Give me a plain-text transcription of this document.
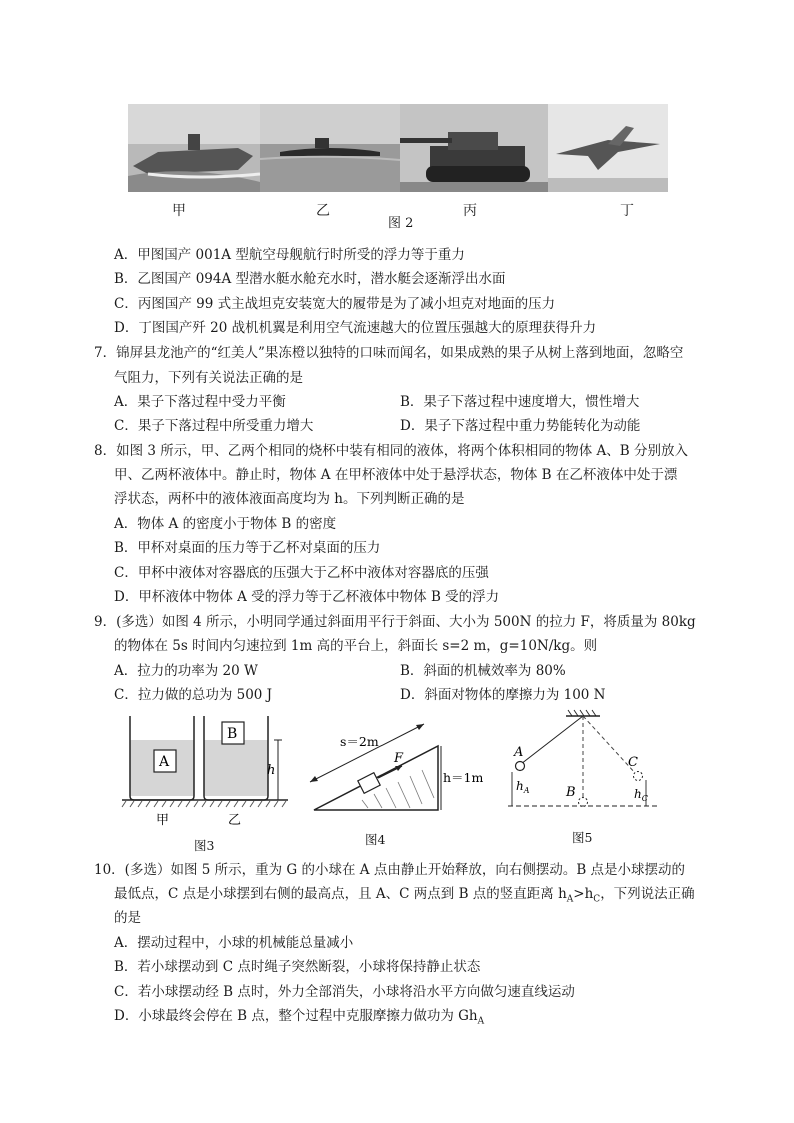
甲	乙	丙	丁
图 2
A．甲图国产 001A 型航空母舰航行时所受的浮力等于重力
B．乙图国产 094A 型潜水艇水舱充水时，潜水艇会逐渐浮出水面
C．丙图国产 99 式主战坦克安装宽大的履带是为了减小坦克对地面的压力
D．丁图国产歼 20 战机机翼是利用空气流速越大的位置压强越大的原理获得升力
7．锦屏县龙池产的“红美人”果冻橙以独特的口味而闻名，如果成熟的果子从树上落到地面，忽略空
气阻力，下列有关说法正确的是
A．果子下落过程中受力平衡	B．果子下落过程中速度增大，惯性增大
C．果子下落过程中所受重力增大	D．果子下落过程中重力势能转化为动能
8．如图 3 所示，甲、乙两个相同的烧杯中装有相同的液体，将两个体积相同的物体 A、B 分别放入
甲、乙两杯液体中。静止时，物体 A 在甲杯液体中处于悬浮状态，物体 B 在乙杯液体中处于漂
浮状态，两杯中的液体液面高度均为 h。下列判断正确的是
A．物体 A 的密度小于物体 B 的密度
B．甲杯对桌面的压力等于乙杯对桌面的压力
C．甲杯中液体对容器底的压强大于乙杯中液体对容器底的压强
D．甲杯液体中物体 A 受的浮力等于乙杯液体中物体 B 受的浮力
9．(多选）如图 4 所示，小明同学通过斜面用平行于斜面、大小为 500N 的拉力 F，将质量为 80kg
的物体在 5s 时间内匀速拉到 1m 高的平台上，斜面长 s=2 m，g=10N/kg。则
A．拉力的功率为 20 W	B．斜面的机械效率为 80%
C．拉力做的总功为 500 J	D．斜面对物体的摩擦力为 100 N
A
B
h
甲	乙
图3
F
s＝2m
h＝1m
图4
A
B
C
$h_A$	$h_C$
图5
10．(多选）如图 5 所示，重为 G 的小球在 A 点由静止开始释放，向右侧摆动。B 点是小球摆动的
最低点，C 点是小球摆到右侧的最高点，且 A、C 两点到 B 点的竖直距离 $h_A>h_C$，下列说法正确
的是
A．摆动过程中，小球的机械能总量减小
B．若小球摆动到 C 点时绳子突然断裂，小球将保持静止状态
C．若小球摆动经 B 点时，外力全部消失，小球将沿水平方向做匀速直线运动
D．小球最终会停在 B 点，整个过程中克服摩擦力做功为 $Gh_A$
